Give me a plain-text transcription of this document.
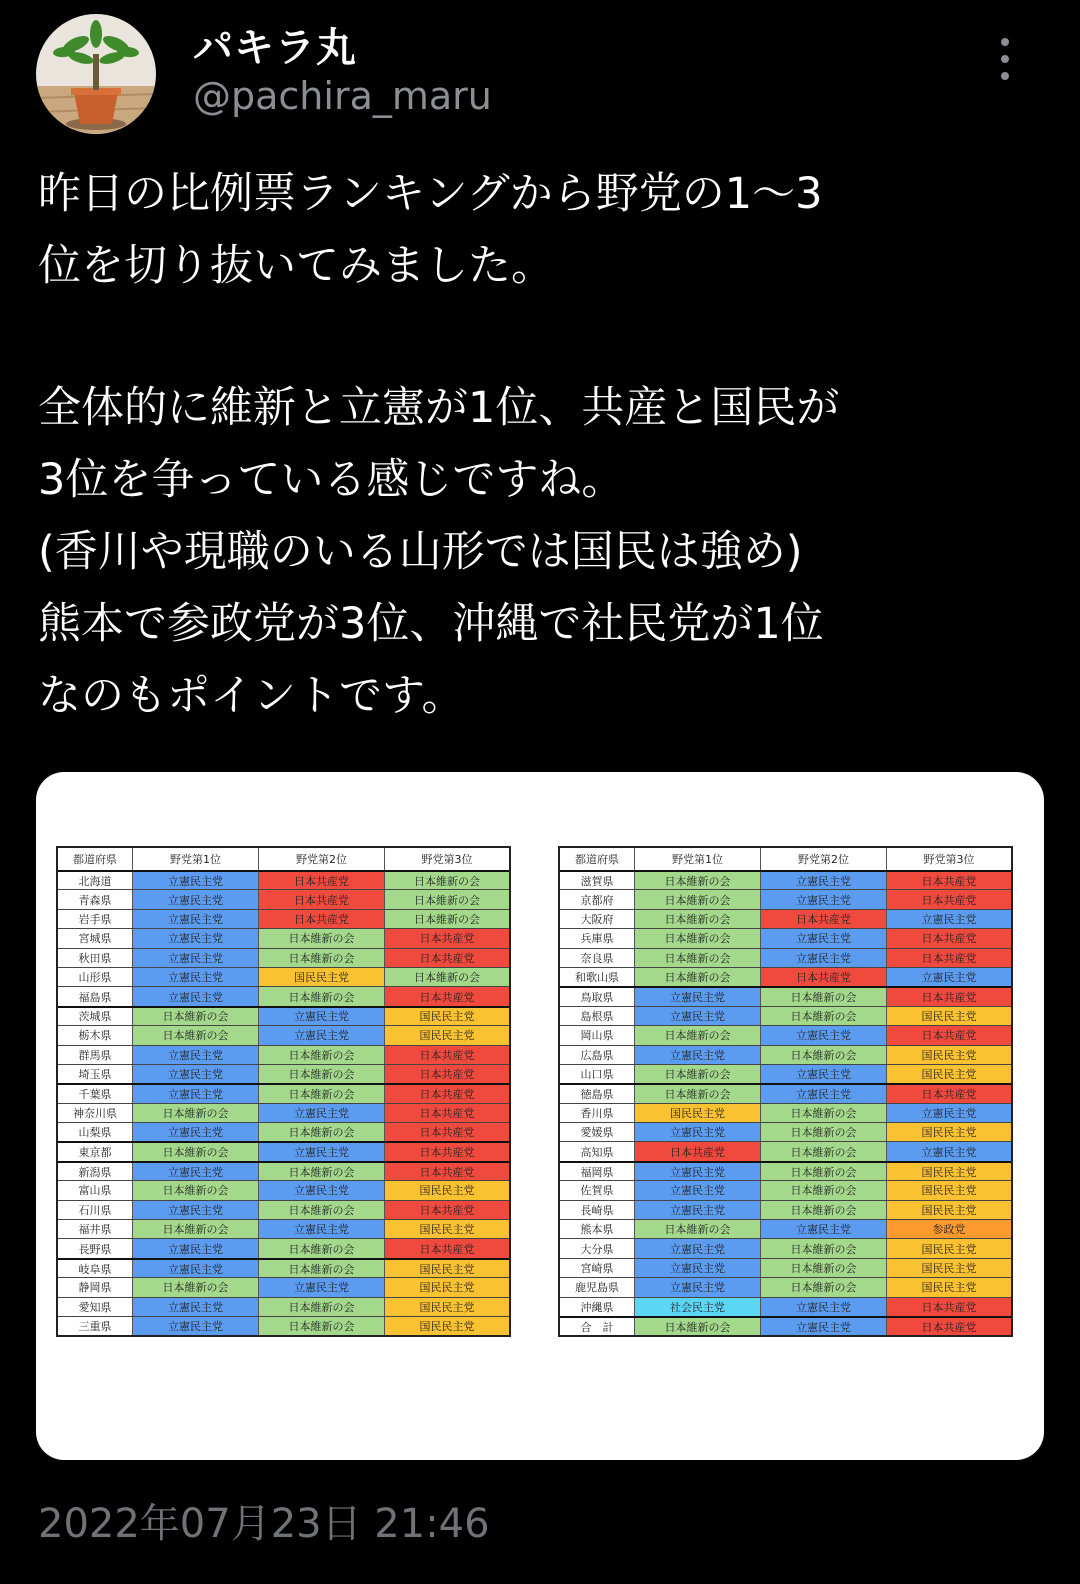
パキラ丸
@pachira_maru

昨日の比例票ランキングから野党の1〜3

位を切り抜いてみました。

全体的に維新と立憲が1位、共産と国民が

3位を争っている感じですね。

(香川や現職のいる山形では国民は強め)

熊本で参政党が3位、沖縄で社民党が1位

なのもポイントです。

都道府県	野党第1位	野党第2位	野党第3位
北海道	立憲民主党	日本共産党	日本維新の会
青森県	立憲民主党	日本共産党	日本維新の会
岩手県	立憲民主党	日本共産党	日本維新の会
宮城県	立憲民主党	日本維新の会	日本共産党
秋田県	立憲民主党	日本維新の会	日本共産党
山形県	立憲民主党	国民民主党	日本維新の会
福島県	立憲民主党	日本維新の会	日本共産党
茨城県	日本維新の会	立憲民主党	国民民主党
栃木県	日本維新の会	立憲民主党	国民民主党
群馬県	立憲民主党	日本維新の会	日本共産党
埼玉県	立憲民主党	日本維新の会	日本共産党
千葉県	立憲民主党	日本維新の会	日本共産党
神奈川県	日本維新の会	立憲民主党	日本共産党
山梨県	立憲民主党	日本維新の会	日本共産党
東京都	日本維新の会	立憲民主党	日本共産党
新潟県	立憲民主党	日本維新の会	日本共産党
富山県	日本維新の会	立憲民主党	国民民主党
石川県	立憲民主党	日本維新の会	日本共産党
福井県	日本維新の会	立憲民主党	国民民主党
長野県	立憲民主党	日本維新の会	日本共産党
岐阜県	立憲民主党	日本維新の会	国民民主党
静岡県	日本維新の会	立憲民主党	国民民主党
愛知県	立憲民主党	日本維新の会	国民民主党
三重県	立憲民主党	日本維新の会	国民民主党
都道府県	野党第1位	野党第2位	野党第3位
滋賀県	日本維新の会	立憲民主党	日本共産党
京都府	日本維新の会	立憲民主党	日本共産党
大阪府	日本維新の会	日本共産党	立憲民主党
兵庫県	日本維新の会	立憲民主党	日本共産党
奈良県	日本維新の会	立憲民主党	日本共産党
和歌山県	日本維新の会	日本共産党	立憲民主党
鳥取県	立憲民主党	日本維新の会	日本共産党
島根県	立憲民主党	日本維新の会	国民民主党
岡山県	日本維新の会	立憲民主党	日本共産党
広島県	立憲民主党	日本維新の会	国民民主党
山口県	日本維新の会	立憲民主党	国民民主党
徳島県	日本維新の会	立憲民主党	日本共産党
香川県	国民民主党	日本維新の会	立憲民主党
愛媛県	立憲民主党	日本維新の会	国民民主党
高知県	日本共産党	日本維新の会	立憲民主党
福岡県	立憲民主党	日本維新の会	国民民主党
佐賀県	立憲民主党	日本維新の会	国民民主党
長崎県	立憲民主党	日本維新の会	国民民主党
熊本県	日本維新の会	立憲民主党	参政党
大分県	立憲民主党	日本維新の会	国民民主党
宮崎県	立憲民主党	日本維新の会	国民民主党
鹿児島県	立憲民主党	日本維新の会	国民民主党
沖縄県	社会民主党	立憲民主党	日本共産党
合　計	日本維新の会	立憲民主党	日本共産党
2022年07月23日 21:46
